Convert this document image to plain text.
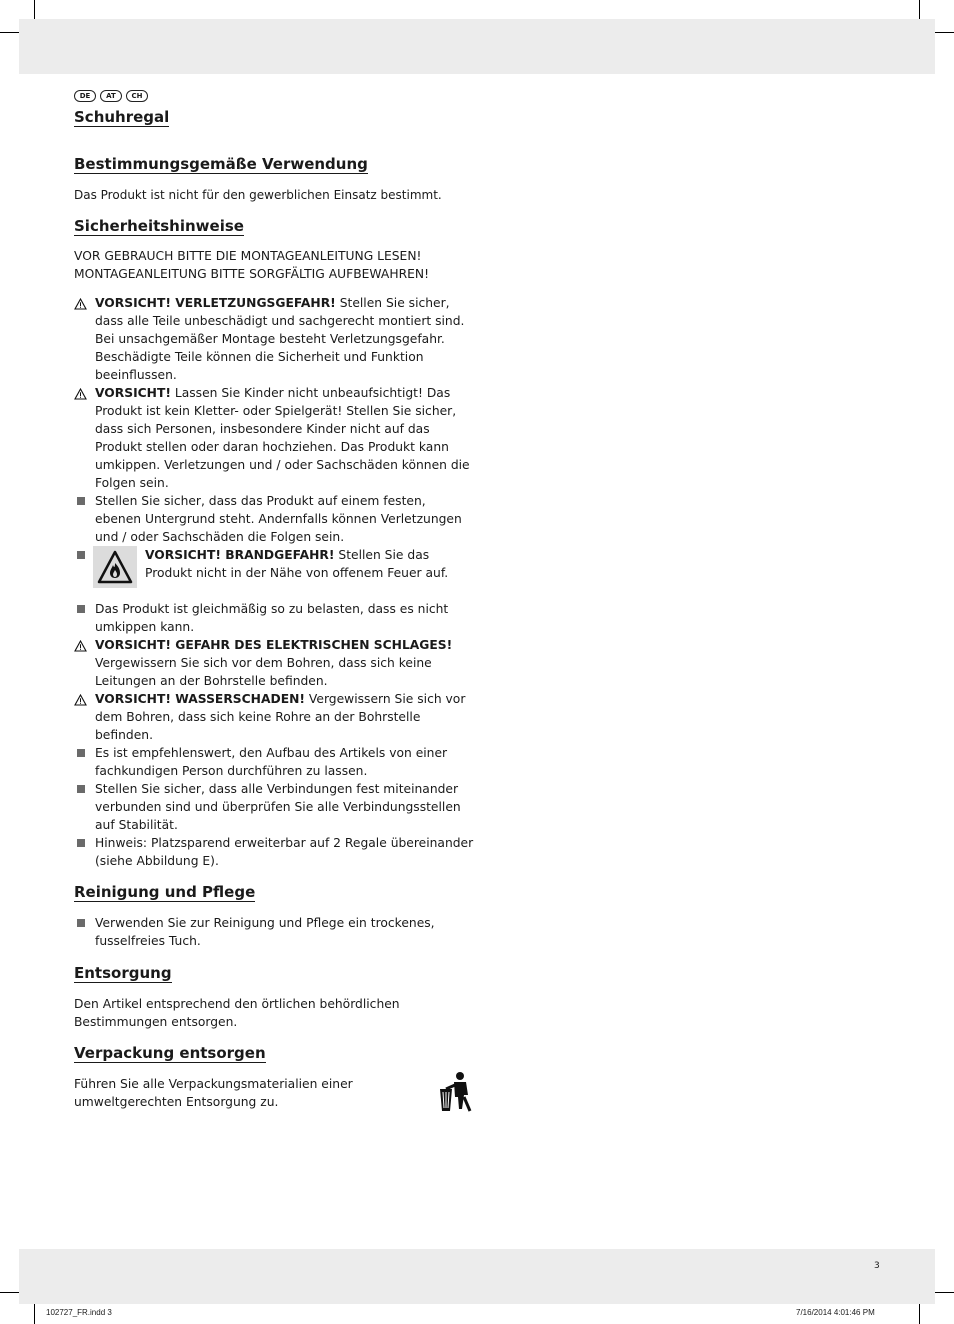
DE	AT	CH
Schuhregal
Bestimmungsgemäße Verwendung

Das Produkt ist nicht für den gewerblichen Einsatz bestimmt.

Sicherheitshinweise

VOR GEBRAUCH BITTE DIE MONTAGEANLEITUNG LESEN!

MONTAGEANLEITUNG BITTE SORGFÄLTIG AUFBEWAHREN!

VORSICHT! VERLETZUNGSGEFAHR! Stellen Sie sicher, dass alle Teile unbeschädigt und sachgerecht montiert sind. Bei unsachgemäßer Montage besteht Verletzungsgefahr. Beschädigte Teile können die Sicherheit und Funktion beeinflussen.
VORSICHT! Lassen Sie Kinder nicht unbeaufsichtigt! Das Produkt ist kein Kletter- oder Spielgerät! Stellen Sie sicher, dass sich Personen, insbesondere Kinder nicht auf das Produkt stellen oder daran hochziehen. Das Produkt kann umkippen. Verletzungen und / oder Sachschäden können die Folgen sein.
Stellen Sie sicher, dass das Produkt auf einem festen, ebenen Untergrund steht. Andernfalls können Verletzungen und / oder Sachschäden die Folgen sein.
VORSICHT! BRANDGEFAHR! Stellen Sie das Produkt nicht in der Nähe von offenem Feuer auf.
Das Produkt ist gleichmäßig so zu belasten, dass es nicht umkippen kann.
VORSICHT! GEFAHR DES ELEKTRISCHEN SCHLAGES! Vergewissern Sie sich vor dem Bohren, dass sich keine Leitungen an der Bohrstelle befinden.
VORSICHT! WASSERSCHADEN! Vergewissern Sie sich vor dem Bohren, dass sich keine Rohre an der Bohrstelle befinden.
Es ist empfehlenswert, den Aufbau des Artikels von einer fachkundigen Person durchführen zu lassen.
Stellen Sie sicher, dass alle Verbindungen fest miteinander verbunden sind und überprüfen Sie alle Verbindungsstellen auf Stabilität.
Hinweis: Platzsparend erweiterbar auf 2 Regale übereinander (siehe Abbildung E).
Reinigung und Pflege
Verwenden Sie zur Reinigung und Pflege ein trockenes, fusselfreies Tuch.
Entsorgung

Den Artikel entsprechend den örtlichen behördlichen Bestimmungen entsorgen.

Verpackung entsorgen

Führen Sie alle Verpackungsmaterialien einer umweltgerechten Entsorgung zu.

3
102727_FR.indd 3	7/16/2014 4:01:46 PM
